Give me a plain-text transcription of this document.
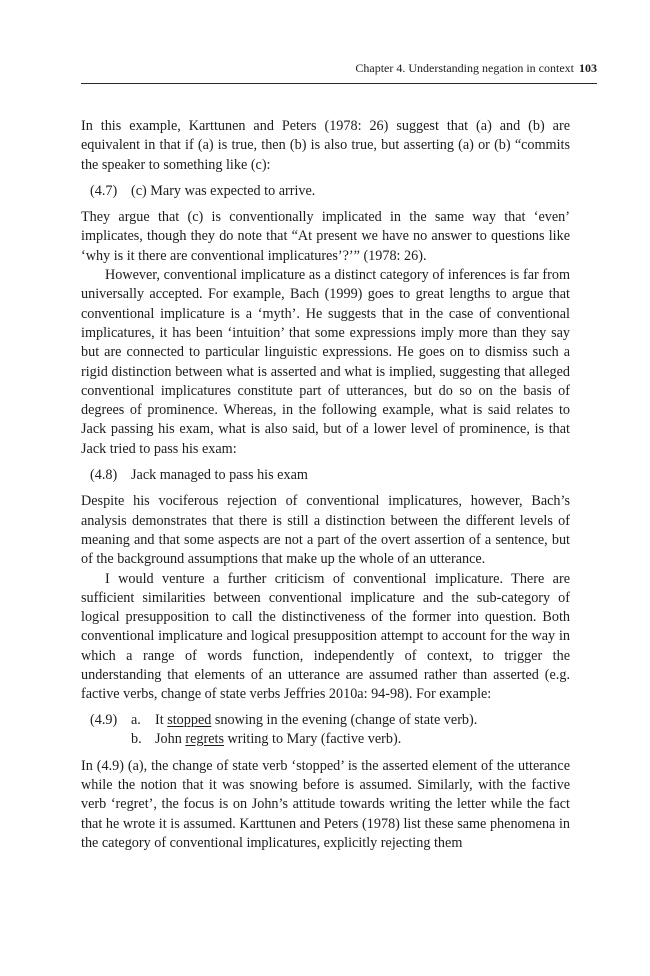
Chapter 4. Understanding negation in context 103

In this example, Karttunen and Peters (1978: 26) suggest that (a) and (b) are equivalent in that if (a) is true, then (b) is also true, but asserting (a) or (b) “commits the speaker to something like (c):

(4.7) (c) Mary was expected to arrive.

They argue that (c) is conventionally implicated in the same way that ‘even’ implicates, though they do note that “At present we have no answer to questions like ‘why is it there are conventional implicatures’?’” (1978: 26).

However, conventional implicature as a distinct category of inferences is far from universally accepted. For example, Bach (1999) goes to great lengths to argue that conventional implicature is a ‘myth’. He suggests that in the case of conventional implicatures, it has been ‘intuition’ that some expressions imply more than they say but are connected to particular linguistic expressions. He goes on to dismiss such a rigid distinction between what is asserted and what is implied, suggesting that alleged conventional implicatures constitute part of utterances, but do so on the basis of degrees of prominence. Whereas, in the following example, what is said relates to Jack passing his exam, what is also said, but of a lower level of prominence, is that Jack tried to pass his exam:

(4.8) Jack managed to pass his exam

Despite his vociferous rejection of conventional implicatures, however, Bach’s analysis demonstrates that there is still a distinction between the different levels of meaning and that some aspects are not a part of the overt assertion of a sentence, but of the background assumptions that make up the whole of an utterance.

I would venture a further criticism of conventional implicature. There are sufficient similarities between conventional implicature and the sub-category of logical presupposition to call the distinctiveness of the former into question. Both conventional implicature and logical presupposition attempt to account for the way in which a range of words function, independently of context, to trigger the understanding that elements of an utterance are assumed rather than asserted (e.g. factive verbs, change of state verbs Jeffries 2010a: 94-98). For example:

(4.9) a. It stopped snowing in the evening (change of state verb).
b. John regrets writing to Mary (factive verb).

In (4.9) (a), the change of state verb ‘stopped’ is the asserted element of the utterance while the notion that it was snowing before is assumed. Similarly, with the factive verb ‘regret’, the focus is on John’s attitude towards writing the letter while the fact that he wrote it is assumed. Karttunen and Peters (1978) list these same phenomena in the category of conventional implicatures, explicitly rejecting them
